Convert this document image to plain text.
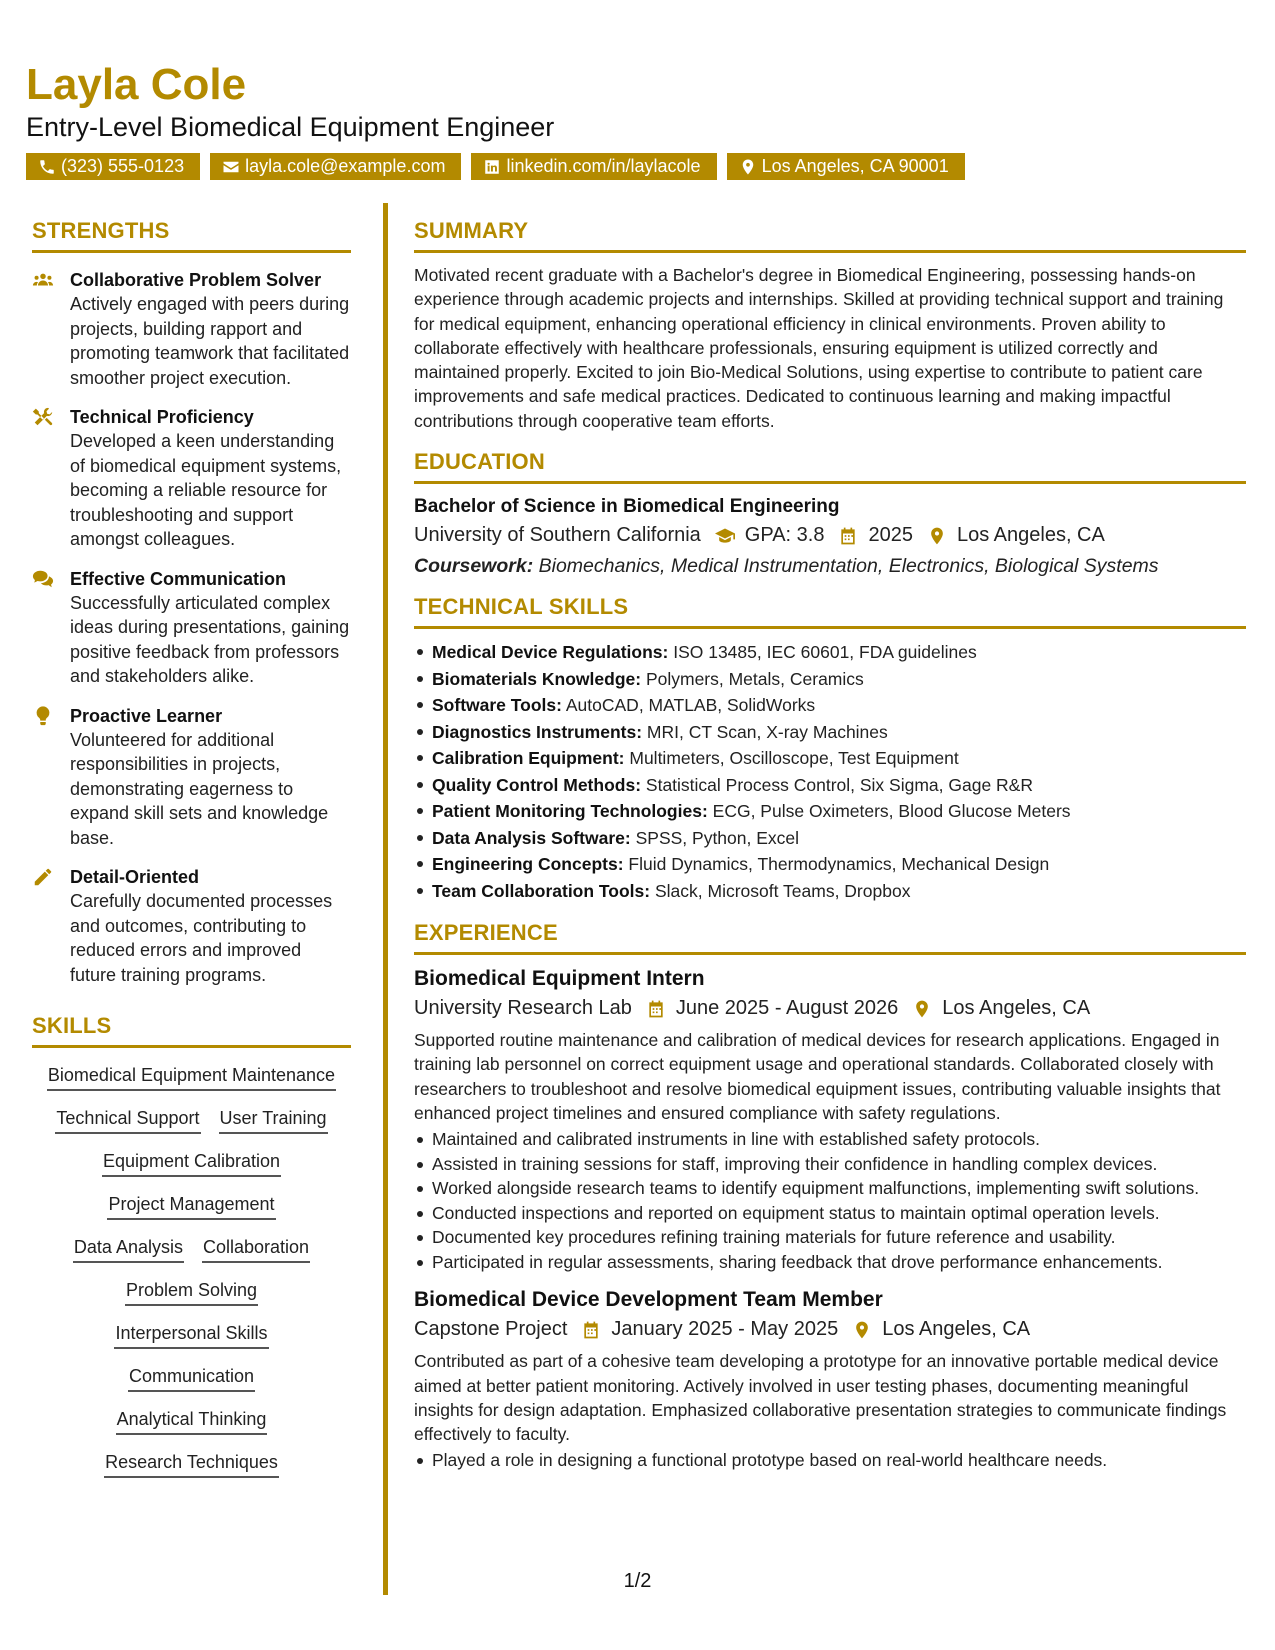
Layla Cole
Entry-Level Biomedical Equipment Engineer
(323) 555-0123	layla.cole@example.com	linkedin.com/in/laylacole	Los Angeles, CA 90001
STRENGTHS
Collaborative Problem Solver
Actively engaged with peers during projects, building rapport and promoting teamwork that facilitated smoother project execution.
Technical Proficiency
Developed a keen understanding of biomedical equipment systems, becoming a reliable resource for troubleshooting and support amongst colleagues.
Effective Communication
Successfully articulated complex ideas during presentations, gaining positive feedback from professors and stakeholders alike.
Proactive Learner
Volunteered for additional responsibilities in projects, demonstrating eagerness to expand skill sets and knowledge base.
Detail-Oriented
Carefully documented processes and outcomes, contributing to reduced errors and improved future training programs.
SKILLS
Biomedical Equipment Maintenance
Technical Support User Training
Equipment Calibration
Project Management
Data Analysis Collaboration
Problem Solving
Interpersonal Skills
Communication
Analytical Thinking
Research Techniques
SUMMARY
Motivated recent graduate with a Bachelor's degree in Biomedical Engineering, possessing hands-on experience through academic projects and internships. Skilled at providing technical support and training for medical equipment, enhancing operational efficiency in clinical environments. Proven ability to collaborate effectively with healthcare professionals, ensuring equipment is utilized correctly and maintained properly. Excited to join Bio-Medical Solutions, using expertise to contribute to patient care improvements and safe medical practices. Dedicated to continuous learning and making impactful contributions through cooperative team efforts.
EDUCATION
Bachelor of Science in Biomedical Engineering
University of Southern California GPA: 3.8 2025 Los Angeles, CA
Coursework: Biomechanics, Medical Instrumentation, Electronics, Biological Systems
TECHNICAL SKILLS
Medical Device Regulations: ISO 13485, IEC 60601, FDA guidelines
Biomaterials Knowledge: Polymers, Metals, Ceramics
Software Tools: AutoCAD, MATLAB, SolidWorks
Diagnostics Instruments: MRI, CT Scan, X-ray Machines
Calibration Equipment: Multimeters, Oscilloscope, Test Equipment
Quality Control Methods: Statistical Process Control, Six Sigma, Gage R&R
Patient Monitoring Technologies: ECG, Pulse Oximeters, Blood Glucose Meters
Data Analysis Software: SPSS, Python, Excel
Engineering Concepts: Fluid Dynamics, Thermodynamics, Mechanical Design
Team Collaboration Tools: Slack, Microsoft Teams, Dropbox
EXPERIENCE
Biomedical Equipment Intern
University Research Lab June 2025 - August 2026 Los Angeles, CA
Supported routine maintenance and calibration of medical devices for research applications. Engaged in training lab personnel on correct equipment usage and operational standards. Collaborated closely with researchers to troubleshoot and resolve biomedical equipment issues, contributing valuable insights that enhanced project timelines and ensured compliance with safety regulations.
Maintained and calibrated instruments in line with established safety protocols.
Assisted in training sessions for staff, improving their confidence in handling complex devices.
Worked alongside research teams to identify equipment malfunctions, implementing swift solutions.
Conducted inspections and reported on equipment status to maintain optimal operation levels.
Documented key procedures refining training materials for future reference and usability.
Participated in regular assessments, sharing feedback that drove performance enhancements.
Biomedical Device Development Team Member
Capstone Project January 2025 - May 2025 Los Angeles, CA
Contributed as part of a cohesive team developing a prototype for an innovative portable medical device aimed at better patient monitoring. Actively involved in user testing phases, documenting meaningful insights for design adaptation. Emphasized collaborative presentation strategies to communicate findings effectively to faculty.
Played a role in designing a functional prototype based on real-world healthcare needs.
1/2
